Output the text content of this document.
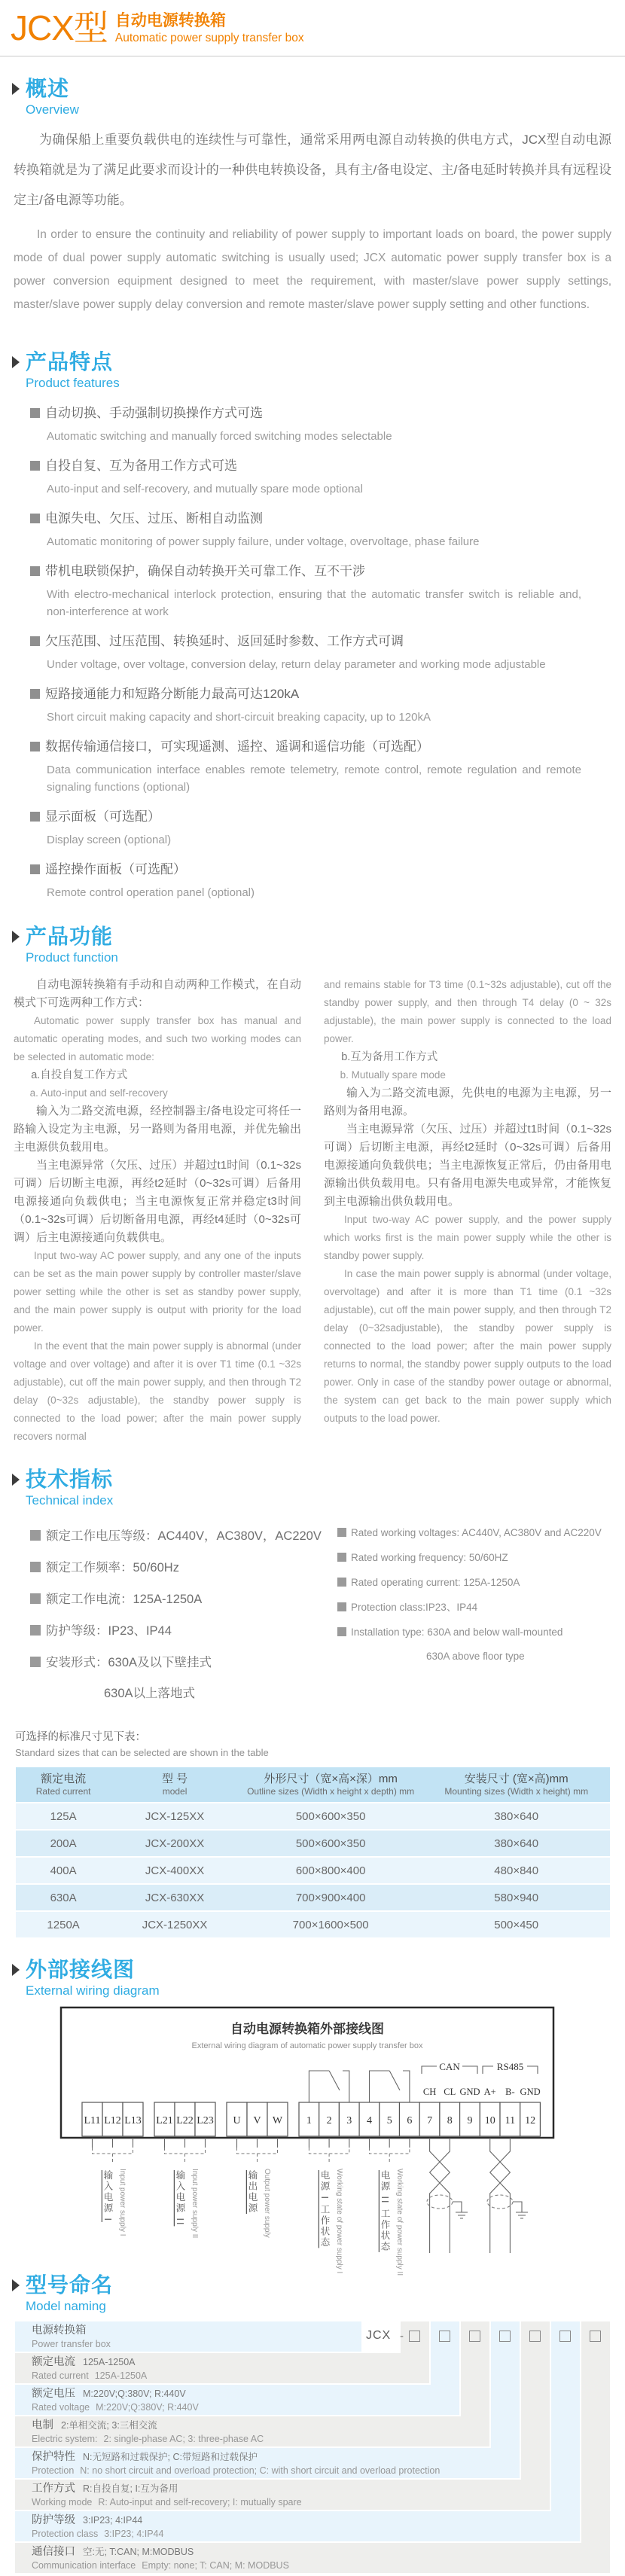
JCX型 自动电源转换箱
Automatic power supply transfer box
概述
Overview

为确保船上重要负载供电的连续性与可靠性，通常采用两电源自动转换的供电方式，JCX型自动电源转换箱就是为了满足此要求而设计的一种供电转换设备，具有主/备电设定、主/备电延时转换并具有远程设定主/备电源等功能。

In order to ensure the continuity and reliability of power supply to important loads on board, the power supply mode of dual power supply automatic switching is usually used; JCX automatic power supply transfer box is a power conversion equipment designed to meet the requirement, with master/slave power supply settings, master/slave power supply delay conversion and remote master/slave power supply setting and other functions.

产品特点
Product features
自动切换、手动强制切换操作方式可选
Automatic switching and manually forced switching modes selectable
自投自复、互为备用工作方式可选
Auto-input and self-recovery, and mutually spare mode optional
电源失电、欠压、过压、断相自动监测
Automatic monitoring of power supply failure, under voltage, overvoltage, phase failure
带机电联锁保护，确保自动转换开关可靠工作、互不干涉
With electro-mechanical interlock protection, ensuring that the automatic transfer switch is reliable and, non-interference at work
欠压范围、过压范围、转换延时、返回延时参数、工作方式可调
Under voltage, over voltage, conversion delay, return delay parameter and working mode adjustable
短路接通能力和短路分断能力最高可达120kA
Short circuit making capacity and short-circuit breaking capacity, up to 120kA
数据传输通信接口，可实现遥测、遥控、遥调和遥信功能（可选配）
Data communication interface enables remote telemetry, remote control, remote regulation and remote signaling functions (optional)
显示面板（可选配）
Display screen (optional)
遥控操作面板（可选配）
Remote control operation panel (optional)
产品功能
Product function

自动电源转换箱有手动和自动两种工作模式，在自动模式下可选两种工作方式：

Automatic power supply transfer box has manual and automatic operating modes, and such two working modes can be selected in automatic mode:

a.自投自复工作方式

a. Auto-input and self-recovery

输入为二路交流电源，经控制器主/备电设定可将任一路输入设定为主电源，另一路则为备用电源，并优先输出主电源供负载用电。

当主电源异常（欠压、过压）并超过t1时间（0.1~32s可调）后切断主电源，再经t2延时（0~32s可调）后备用电源接通向负载供电；当主电源恢复正常并稳定t3时间（0.1~32s可调）后切断备用电源，再经t4延时（0~32s可调）后主电源接通向负载供电。

Input two-way AC power supply, and any one of the inputs can be set as the main power supply by controller master/slave power setting while the other is set as standby power supply, and the main power supply is output with priority for the load power.

In the event that the main power supply is abnormal (under voltage and over voltage) and after it is over T1 time (0.1 ~32s adjustable), cut off the main power supply, and then through T2 delay (0~32s adjustable), the standby power supply is connected to the load power; after the main power supply recovers normal

and remains stable for T3 time (0.1~32s adjustable), cut off the standby power supply, and then through T4 delay (0 ~ 32s adjustable), the main power supply is connected to the load power.

b.互为备用工作方式

b. Mutually spare mode

输入为二路交流电源，先供电的电源为主电源，另一路则为备用电源。

当主电源异常（欠压、过压）并超过t1时间（0.1~32s可调）后切断主电源，再经t2延时（0~32s可调）后备用电源接通向负载供电；当主电源恢复正常后，仍由备用电源输出供负载用电。只有备用电源失电或异常，才能恢复到主电源输出供负载用电。

Input two-way AC power supply, and the power supply which works first is the main power supply while the other is standby power supply.

In case the main power supply is abnormal (under voltage, overvoltage) and after it is more than T1 time (0.1 ~32s adjustable), cut off the main power supply, and then through T2 delay (0~32sadjustable), the standby power supply is connected to the load power; after the main power supply returns to normal, the standby power supply outputs to the load power. Only in case of the standby power outage or abnormal, the system can get back to the main power supply which outputs to the load power.

技术指标
Technical index
额定工作电压等级：AC440V，AC380V，AC220V
额定工作频率：50/60Hz
额定工作电流：125A-1250A
防护等级：IP23、IP44
安装形式：630A及以下壁挂式
630A以上落地式
Rated working voltages: AC440V, AC380V and AC220V
Rated working frequency: 50/60HZ
Rated operating current: 125A-1250A
Protection class:IP23、IP44
Installation type: 630A and below wall-mounted
630A above floor type
可选择的标准尺寸见下表：
Standard sizes that can be selected are shown in the table
额定电流
Rated current

型 号
model

外形尺寸（宽×高×深）mm
Outline sizes (Width x height x depth) mm

安装尺寸 (宽×高)mm
Mounting sizes (Width x height) mm

125A	JCX-125XX	500×600×350	380×640
200A	JCX-200XX	500×600×350	380×640
400A	JCX-400XX	600×800×400	480×840
630A	JCX-630XX	700×900×400	580×940
1250A	JCX-1250XX	700×1600×500	500×450
外部接线图
External wiring diagram
自动电源转换箱外部接线图
External wiring diagram of automatic power supply transfer box
CAN	RS485
CH CL GND A+ B- GND
L11 L12 L13 L21 L22 L23 U V W 1 2 3 4 5 6 7 8 9 10 11 12
输入电源 I Input power supply I	输入电源 II Input power supply II	输出电源 Output power supply	电源 I 工作状态 Working state of power supply I	电源 II 工作状态 Working state of power supply II
型号命名
Model naming
电源转换箱
Power transfer box
额定电流 125A-1250A
Rated current 125A-1250A
额定电压 M:220V;Q:380V; R:440V
Rated voltage M:220V;Q:380V; R:440V
电制 2:单相交流; 3:三相交流
Electric system: 2: single-phase AC; 3: three-phase AC
保护特性 N:无短路和过载保护; C:带短路和过载保护
Protection N: no short circuit and overload protection; C: with short circuit and overload protection
工作方式 R:自投自复; I:互为备用
Working mode R: Auto-input and self-recovery; I: mutually spare
防护等级 3:IP23; 4:IP44
Protection class 3:IP23; 4:IP44
通信接口 空:无; T:CAN; M:MODBUS
Communication interface Empty: none; T: CAN; M: MODBUS
JCX -
